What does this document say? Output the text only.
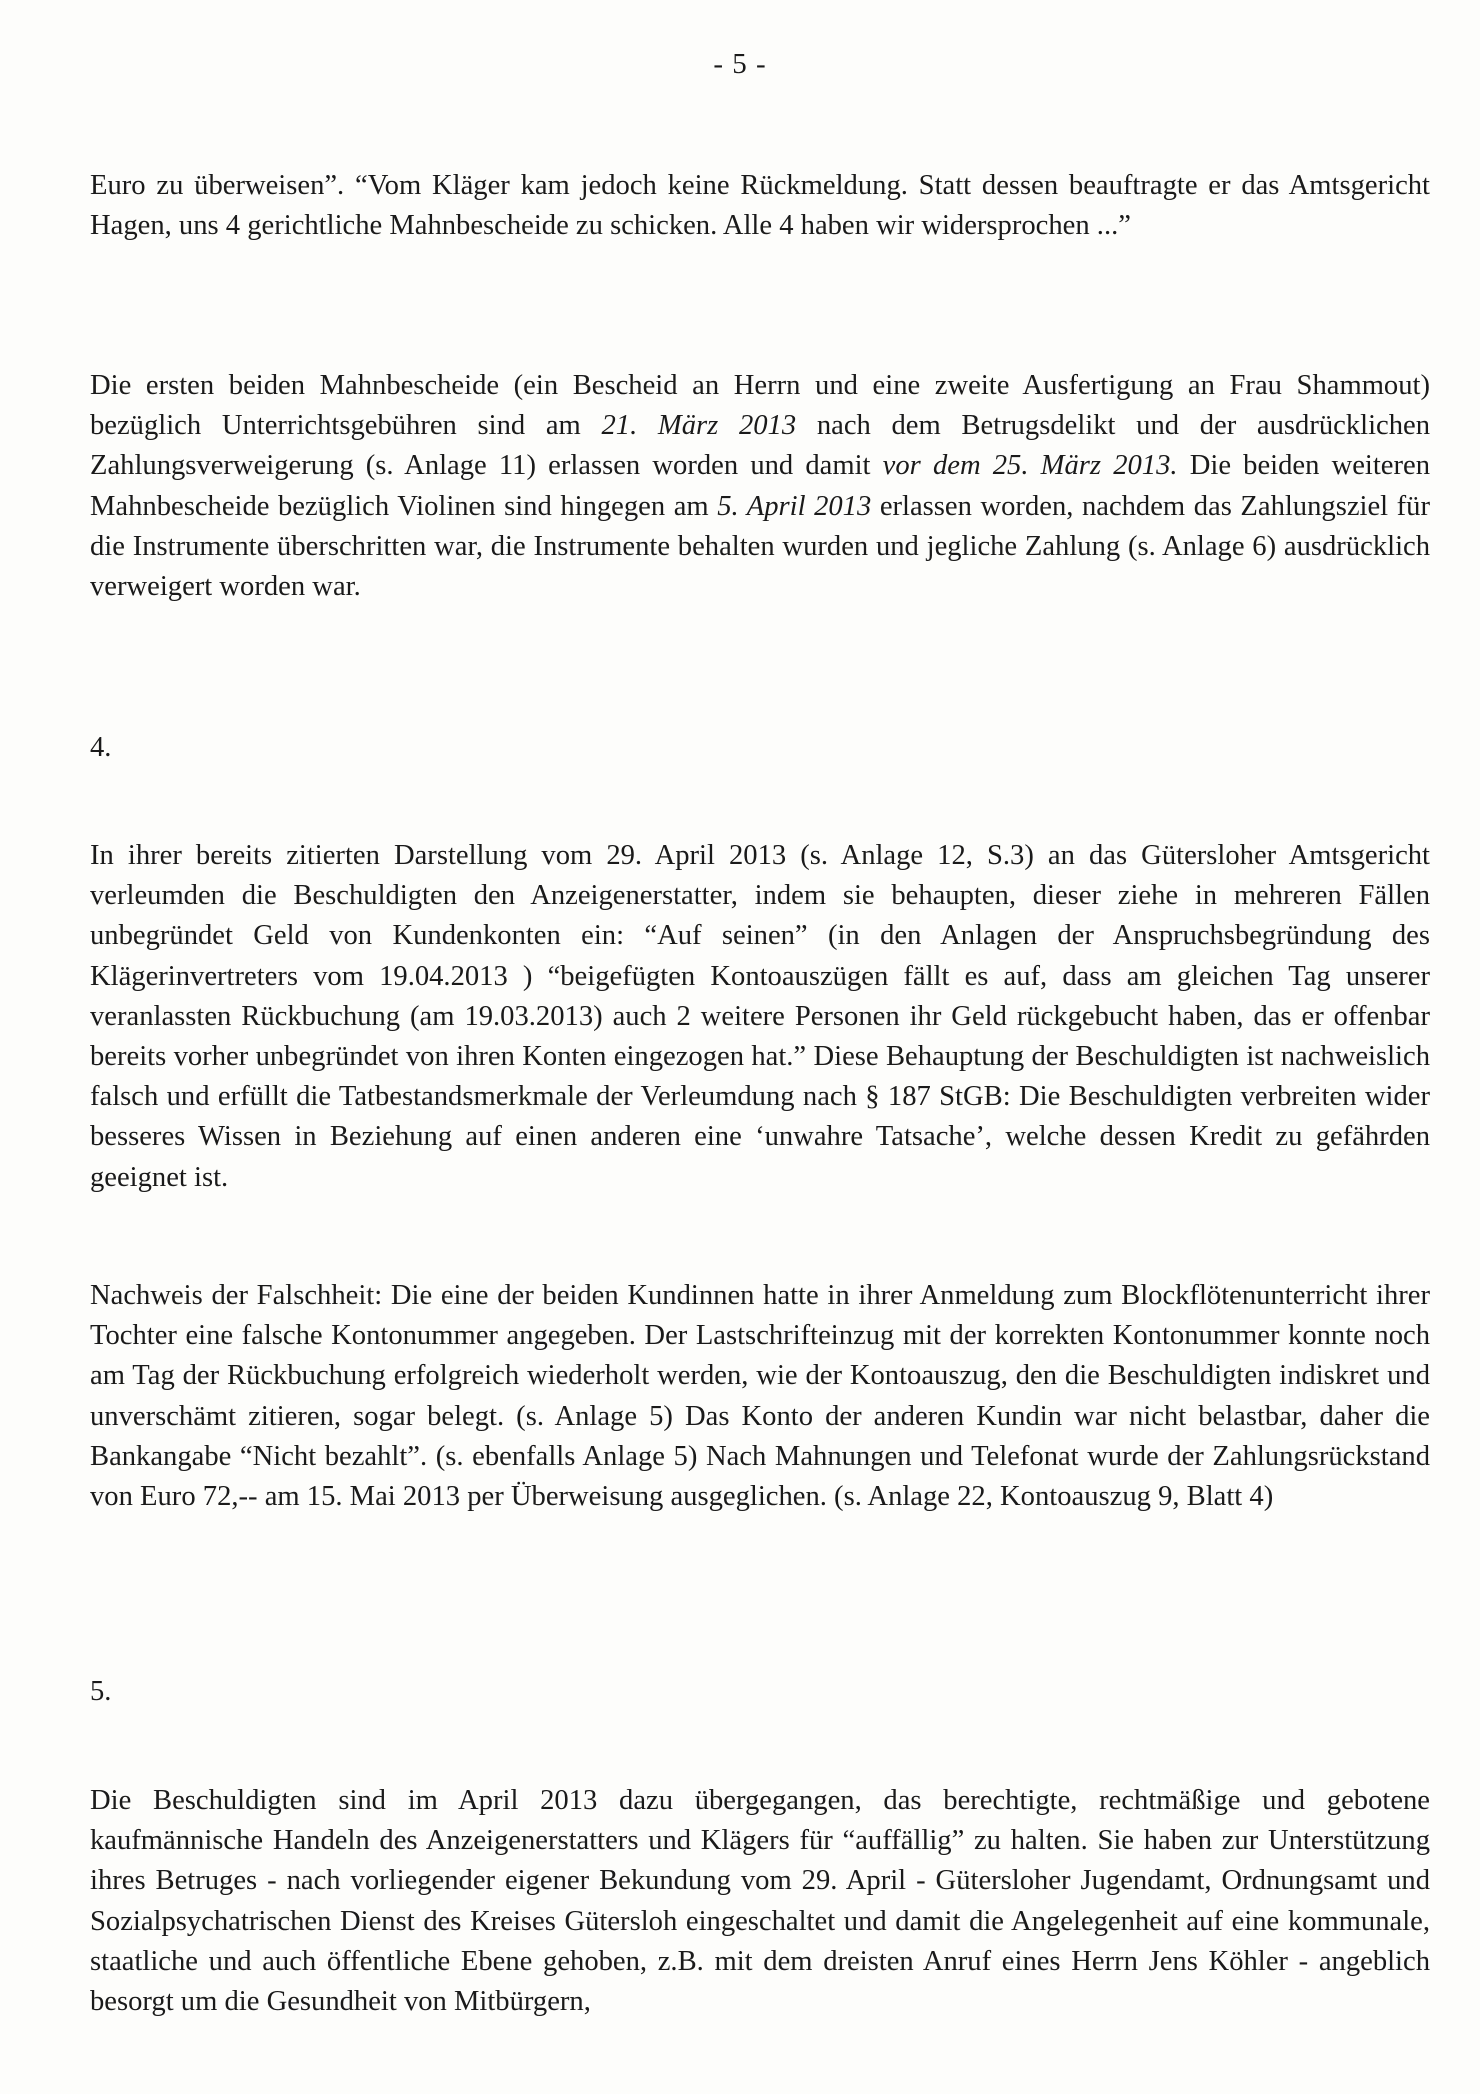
- 5 -

Euro zu überweisen”. “Vom Kläger kam jedoch keine Rückmeldung. Statt dessen beauftragte er das Amtsgericht Hagen, uns 4 gerichtliche Mahnbescheide zu schicken. Alle 4 haben wir widersprochen ...”

Die ersten beiden Mahnbescheide (ein Bescheid an Herrn und eine zweite Ausfertigung an Frau Shammout) bezüglich Unterrichtsgebühren sind am 21. März 2013 nach dem Betrugsdelikt und der ausdrücklichen Zahlungsverweigerung (s. Anlage 11) erlassen worden und damit vor dem 25. März 2013. Die beiden weiteren Mahnbescheide bezüglich Violinen sind hingegen am 5. April 2013 erlassen worden, nachdem das Zahlungsziel für die Instrumente überschritten war, die Instrumente behalten wurden und jegliche Zahlung (s. Anlage 6) ausdrücklich verweigert worden war.

4.

In ihrer bereits zitierten Darstellung vom 29. April 2013 (s. Anlage 12, S.3) an das Gütersloher Amtsgericht verleumden die Beschuldigten den Anzeigenerstatter, indem sie behaupten, dieser ziehe in mehreren Fällen unbegründet Geld von Kundenkonten ein: “Auf seinen” (in den Anlagen der Anspruchsbegründung des Klägerinvertreters vom 19.04.2013 ) “beigefügten Kontoauszügen fällt es auf, dass am gleichen Tag unserer veranlassten Rückbuchung (am 19.03.2013) auch 2 weitere Personen ihr Geld rückgebucht haben, das er offenbar bereits vorher unbegründet von ihren Konten eingezogen hat.” Diese Behauptung der Beschuldigten ist nachweislich falsch und erfüllt die Tatbestandsmerkmale der Verleumdung nach § 187 StGB: Die Beschuldigten verbreiten wider besseres Wissen in Beziehung auf einen anderen eine ‘unwahre Tatsache’, welche dessen Kredit zu gefährden geeignet ist.

Nachweis der Falschheit: Die eine der beiden Kundinnen hatte in ihrer Anmeldung zum Blockflötenunterricht ihrer Tochter eine falsche Kontonummer angegeben. Der Lastschrifteinzug mit der korrekten Kontonummer konnte noch am Tag der Rückbuchung erfolgreich wiederholt werden, wie der Kontoauszug, den die Beschuldigten indiskret und unverschämt zitieren, sogar belegt. (s. Anlage 5) Das Konto der anderen Kundin war nicht belastbar, daher die Bankangabe “Nicht bezahlt”. (s. ebenfalls Anlage 5) Nach Mahnungen und Telefonat wurde der Zahlungsrückstand von Euro 72,-- am 15. Mai 2013 per Überweisung ausgeglichen. (s. Anlage 22, Kontoauszug 9, Blatt 4)

5.

Die Beschuldigten sind im April 2013 dazu übergegangen, das berechtigte, rechtmäßige und gebotene kaufmännische Handeln des Anzeigenerstatters und Klägers für “auffällig” zu halten. Sie haben zur Unterstützung ihres Betruges - nach vorliegender eigener Bekundung vom 29. April - Gütersloher Jugendamt, Ordnungsamt und Sozialpsychatrischen Dienst des Kreises Gütersloh eingeschaltet und damit die Angelegenheit auf eine kommunale, staatliche und auch öffentliche Ebene gehoben, z.B. mit dem dreisten Anruf eines Herrn Jens Köhler - angeblich besorgt um die Gesundheit von Mitbürgern,
